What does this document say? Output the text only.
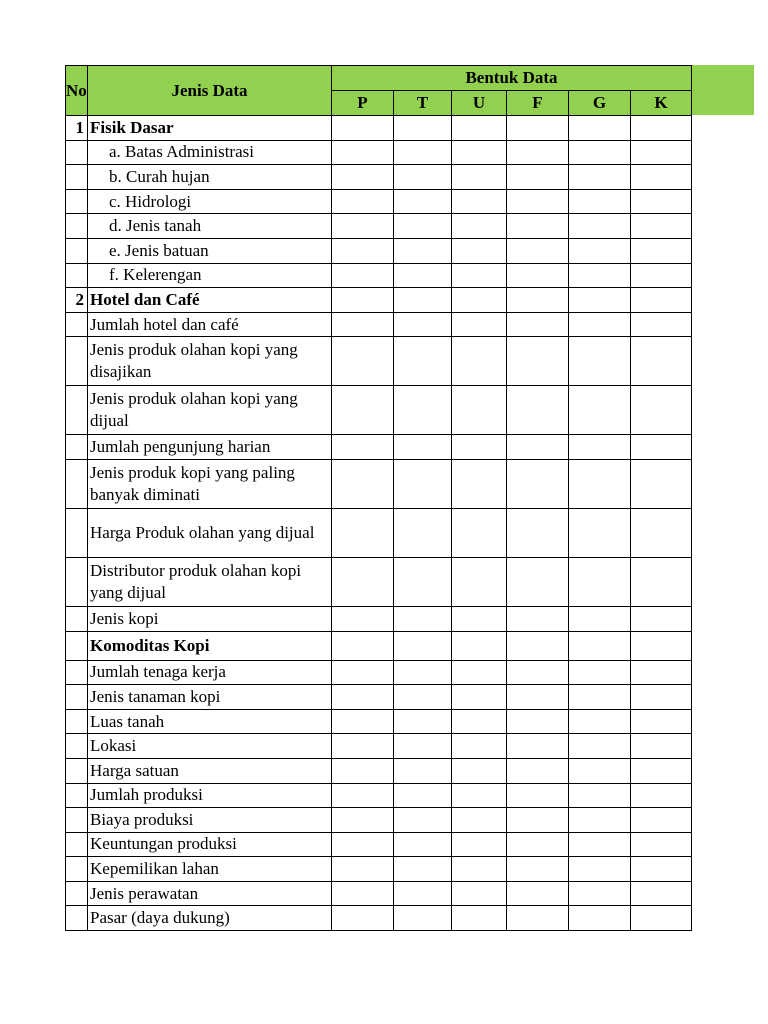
No	Jenis Data	Bentuk Data					
		P	T	U	F	G	K
1	Fisik Dasar						
	a. Batas Administrasi						
	b. Curah hujan						
	c. Hidrologi						
	d. Jenis tanah						
	e. Jenis batuan						
	f. Kelerengan						
2	Hotel dan Café						
	Jumlah hotel dan café						
	Jenis produk olahan kopi yang disajikan						
	Jenis produk olahan kopi yang dijual						
	Jumlah pengunjung harian						
	Jenis produk kopi yang paling banyak diminati						
	Harga Produk olahan yang dijual						
	Distributor produk olahan kopi yang dijual						
	Jenis kopi						
	Komoditas Kopi						
	Jumlah tenaga kerja						
	Jenis tanaman kopi						
	Luas tanah						
	Lokasi						
	Harga satuan						
	Jumlah produksi						
	Biaya produksi						
	Keuntungan produksi						
	Kepemilikan lahan						
	Jenis perawatan						
	Pasar (daya dukung)						
